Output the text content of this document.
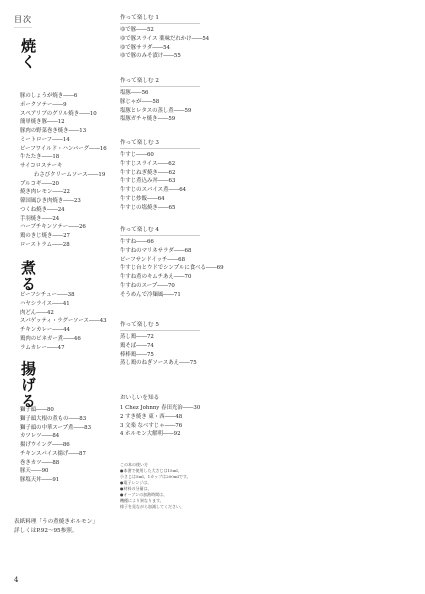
目次
焼く
豚のしょうが焼き――6
ポークソテー――9
スペアリブのグリル焼き――10
簡単焼き豚――12
豚肉の野菜巻き焼き――13
ミートローフ――14
ビーフワイルド・ハンバーグ――16
牛たたき――18
サイコロステーキ
わさびクリームソース――19
プルコギ――20
焼き肉レモン――22
韓国風ひき肉焼き――23
つくね焼き――24
手羽焼き――24
ハーブチキンソテー――26
鶏のきじ焼き――27
ローストラム――28
煮る
ビーフシチュー――38
ハヤシライス――41
肉どん――42
スパゲッティ・ラグーソース――43
チキンカレー――44
鶏肉のビネガー煮――46
ラムカレー――47
揚げる
獅子頭――80
獅子頭大根の煮もの――83
獅子頭の中華スープ煮――83
カツレツ――84
揚げウイング――86
チキンスパイス揚げ――87
巻きカツ――88
豚天――90
豚塩天丼――91
作って楽しむ 1
ゆで豚――52
ゆで豚スライス 薬味だれかけ――54
ゆで豚サラダ――54
ゆで豚のみそ漬け――55
作って楽しむ 2
塩豚――56
豚じゃが――58
塩豚とレタスの蒸し煮――59
塩豚ガチャ焼き――59
作って楽しむ 3
牛すじ――60
牛すじスライス――62
牛すじねぎ焼き――62
牛すじ煮込み丼――63
牛すじのスパイス煮――64
牛すじ炒飯――64
牛すじの塩焼き――65
作って楽しむ 4
牛すね――66
牛すねのマリネサラダ――68
ビーフサンドイッチ――68
牛すじ台とウドでシンプルに食べる――69
牛すね煮のキムチあえ――70
牛すねのスープ――70
そうめんで冷麺風――71
作って楽しむ 5
蒸し鶏――72
鶏そば――74
棒棒鶏――75
蒸し鶏のねぎソースあえ――75
おいしいを知る
1 Chez Johnny 春田光治――30
2 すき焼き 東・西――48
3 文楽 なべすじゃ――76
4 ホルモン大解明――92
この本の使い方
●本書で使用した大さじは15ml、
小さじは5ml、1カップは200mlです。
●電子レンジは、
●材料の分量は、
●オーブンの加熱時間は、
機種により異なります。
様子を見ながら加減してください。
表紙料理「うの煮焼きホルモン」
詳しくはP.92～95参照。
4
